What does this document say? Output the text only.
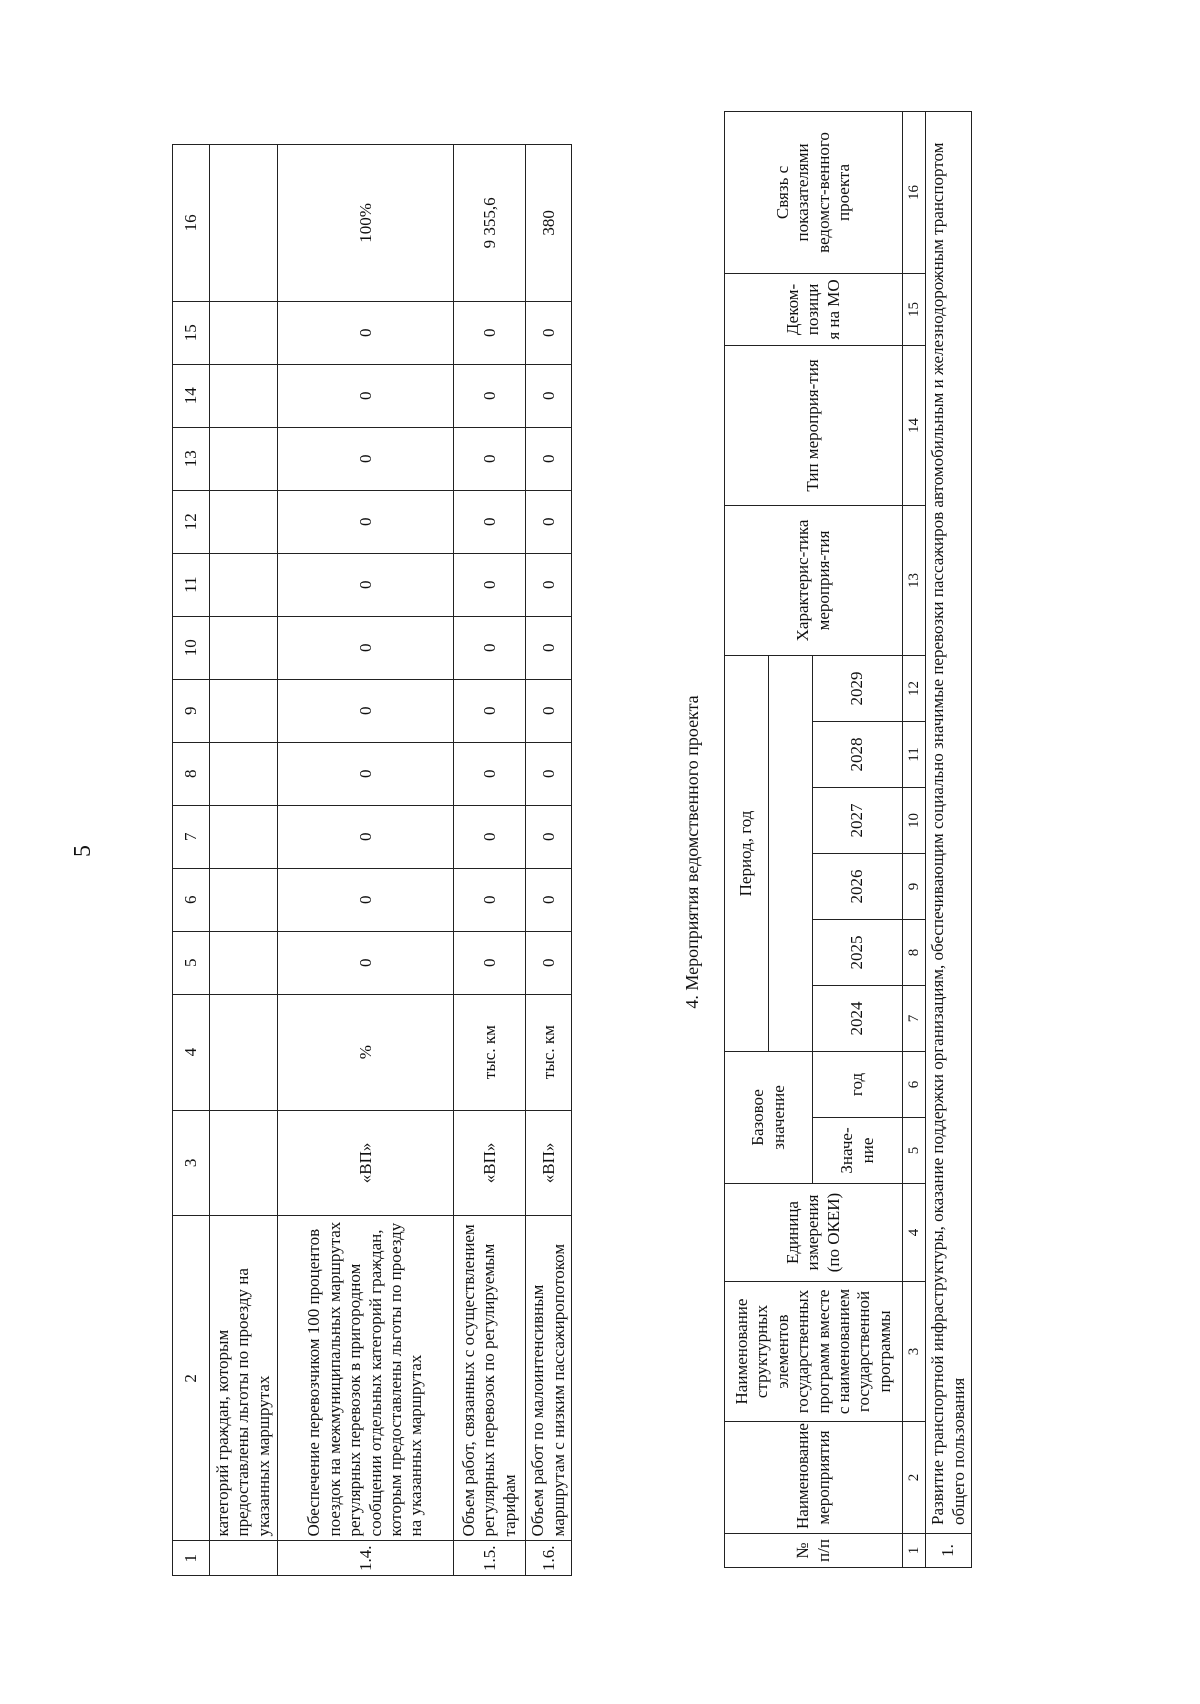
5
1	2	3	4	5	6	7	8	9	10	11	12	13	14	15	16
	категорий граждан, которым предоставлены льготы по проезду на указанных маршрутах														
1.4.	Обеспечение перевозчиком 100 процентов поездок на межмуниципальных маршрутах регулярных перевозок в пригородном сообщении отдельных категорий граждан, которым предоставлены льготы по проезду на указанных маршрутах	«ВП»	%	0	0	0	0	0	0	0	0	0	0	0	100%
1.5.	Объем работ, связанных с осуществлением регулярных перевозок по регулируемым тарифам	«ВП»	тыс. км	0	0	0	0	0	0	0	0	0	0	0	9 355,6
1.6.	Объем работ по малоинтенсивным маршрутам с низким пассажиропотоком	«ВП»	тыс. км	0	0	0	0	0	0	0	0	0	0	0	380
4. Мероприятия ведомственного проекта
№ п/п	Наименование мероприятия	Наименование структурных элементов государственных программ вместе с наименованием государственной программы	Единица измерения (по ОКЕИ)	Базовое значение		Период, год						Характерис-тика мероприя-тия	Тип мероприя-тия	Деком-позици я на МО	Связь с показателями ведомст-венного проекта

				Значе-ние	год	2024	2025	2026	2027	2028	2029				
1	2	3	4	5	6	7	8	9	10	11	12	13	14	15	16
1.	Развитие транспортной инфраструктуры, оказание поддержки организациям, обеспечивающим социально значимые перевозки пассажиров автомобильным и железнодорожным транспортом общего пользования														
